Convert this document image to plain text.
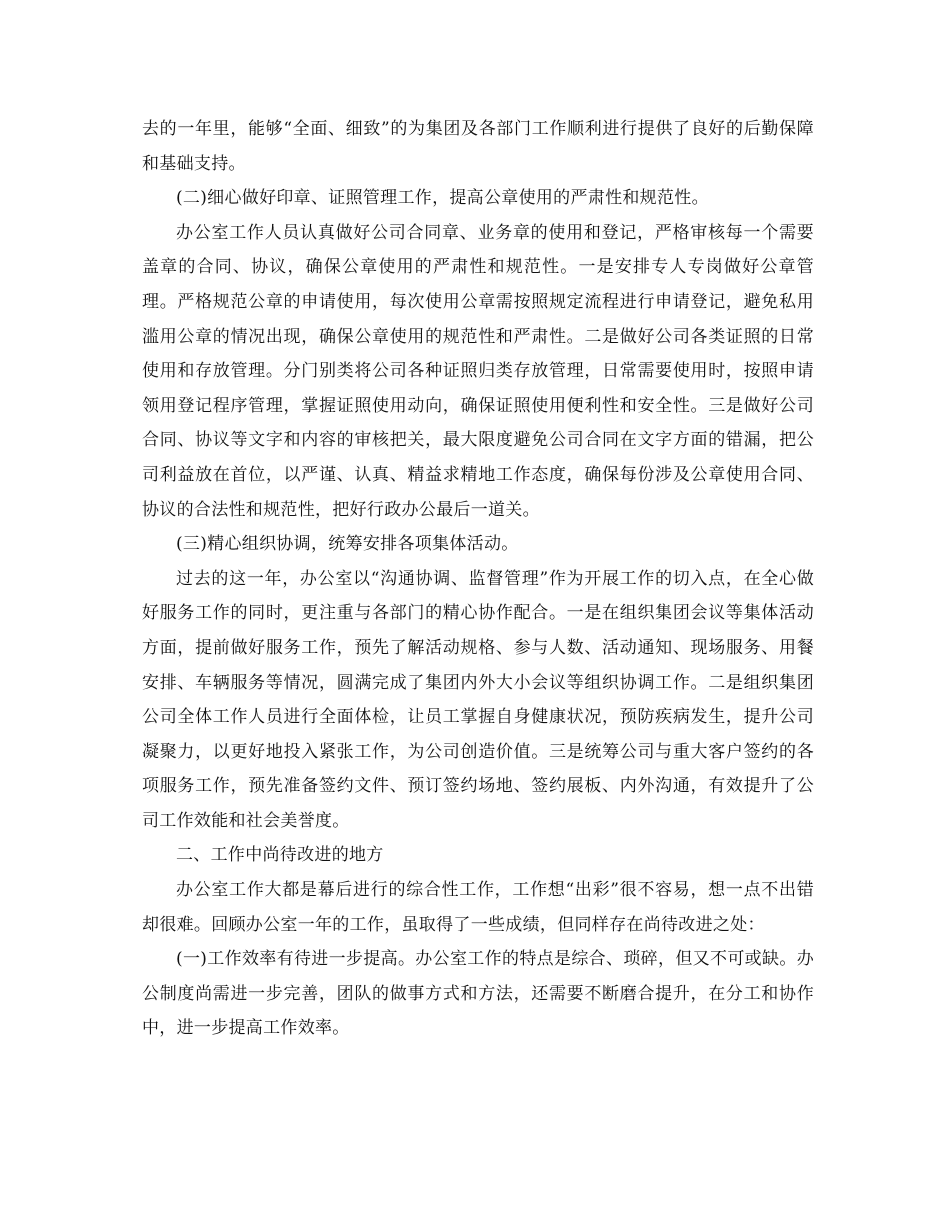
去的一年里，能够“全面、细致”的为集团及各部门工作顺利进行提供了良好的后勤保障和基础支持。

(二)细心做好印章、证照管理工作，提高公章使用的严肃性和规范性。

办公室工作人员认真做好公司合同章、业务章的使用和登记，严格审核每一个需要盖章的合同、协议，确保公章使用的严肃性和规范性。一是安排专人专岗做好公章管理。严格规范公章的申请使用，每次使用公章需按照规定流程进行申请登记，避免私用滥用公章的情况出现，确保公章使用的规范性和严肃性。二是做好公司各类证照的日常使用和存放管理。分门别类将公司各种证照归类存放管理，日常需要使用时，按照申请领用登记程序管理，掌握证照使用动向，确保证照使用便利性和安全性。三是做好公司合同、协议等文字和内容的审核把关，最大限度避免公司合同在文字方面的错漏，把公司利益放在首位，以严谨、认真、精益求精地工作态度，确保每份涉及公章使用合同、协议的合法性和规范性，把好行政办公最后一道关。

(三)精心组织协调，统筹安排各项集体活动。

过去的这一年，办公室以“沟通协调、监督管理”作为开展工作的切入点，在全心做好服务工作的同时，更注重与各部门的精心协作配合。一是在组织集团会议等集体活动方面，提前做好服务工作，预先了解活动规格、参与人数、活动通知、现场服务、用餐安排、车辆服务等情况，圆满完成了集团内外大小会议等组织协调工作。二是组织集团公司全体工作人员进行全面体检，让员工掌握自身健康状况，预防疾病发生，提升公司凝聚力，以更好地投入紧张工作，为公司创造价值。三是统筹公司与重大客户签约的各项服务工作，预先准备签约文件、预订签约场地、签约展板、内外沟通，有效提升了公司工作效能和社会美誉度。

二、工作中尚待改进的地方

办公室工作大都是幕后进行的综合性工作，工作想“出彩”很不容易，想一点不出错却很难。回顾办公室一年的工作，虽取得了一些成绩，但同样存在尚待改进之处：

(一)工作效率有待进一步提高。办公室工作的特点是综合、琐碎，但又不可或缺。办公制度尚需进一步完善，团队的做事方式和方法，还需要不断磨合提升，在分工和协作中，进一步提高工作效率。
